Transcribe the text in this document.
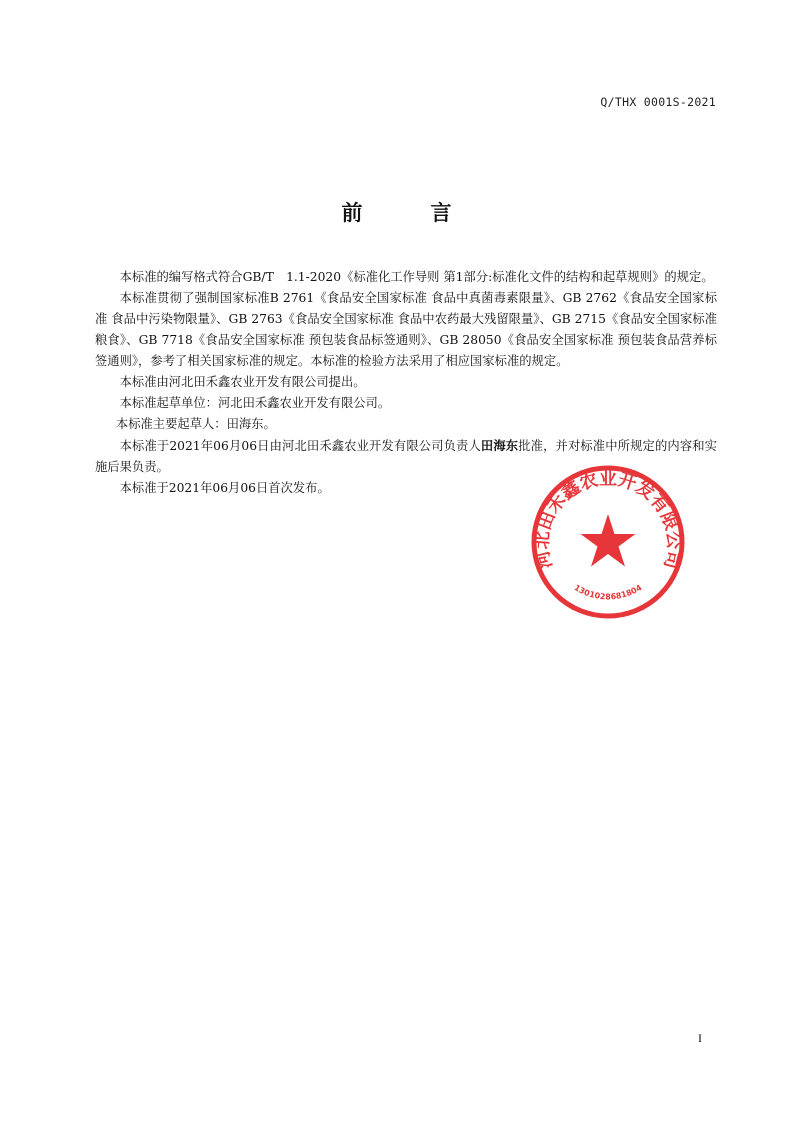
Q/THX 0001S-2021
前	言

本标准的编写格式符合GB/T　1.1-2020《标准化工作导则 第1部分:标准化文件的结构和起草规则》的规定。

本标准贯彻了强制国家标准B 2761《食品安全国家标准 食品中真菌毒素限量》、GB 2762《食品安全国家标准 食品中污染物限量》、GB 2763《食品安全国家标准 食品中农药最大残留限量》、GB 2715《食品安全国家标准 粮食》、GB 7718《食品安全国家标准 预包装食品标签通则》、GB 28050《食品安全国家标准 预包装食品营养标签通则》，参考了相关国家标准的规定。本标准的检验方法采用了相应国家标准的规定。

本标准由河北田禾鑫农业开发有限公司提出。

本标准起草单位：河北田禾鑫农业开发有限公司。

本标准主要起草人：田海东。

本标准于2021年06月06日由河北田禾鑫农业开发有限公司负责人田海东批准，并对标准中所规定的内容和实施后果负责。

本标准于2021年06月06日首次发布。

河北田禾鑫农业开发有限公司
1301028681804
I
